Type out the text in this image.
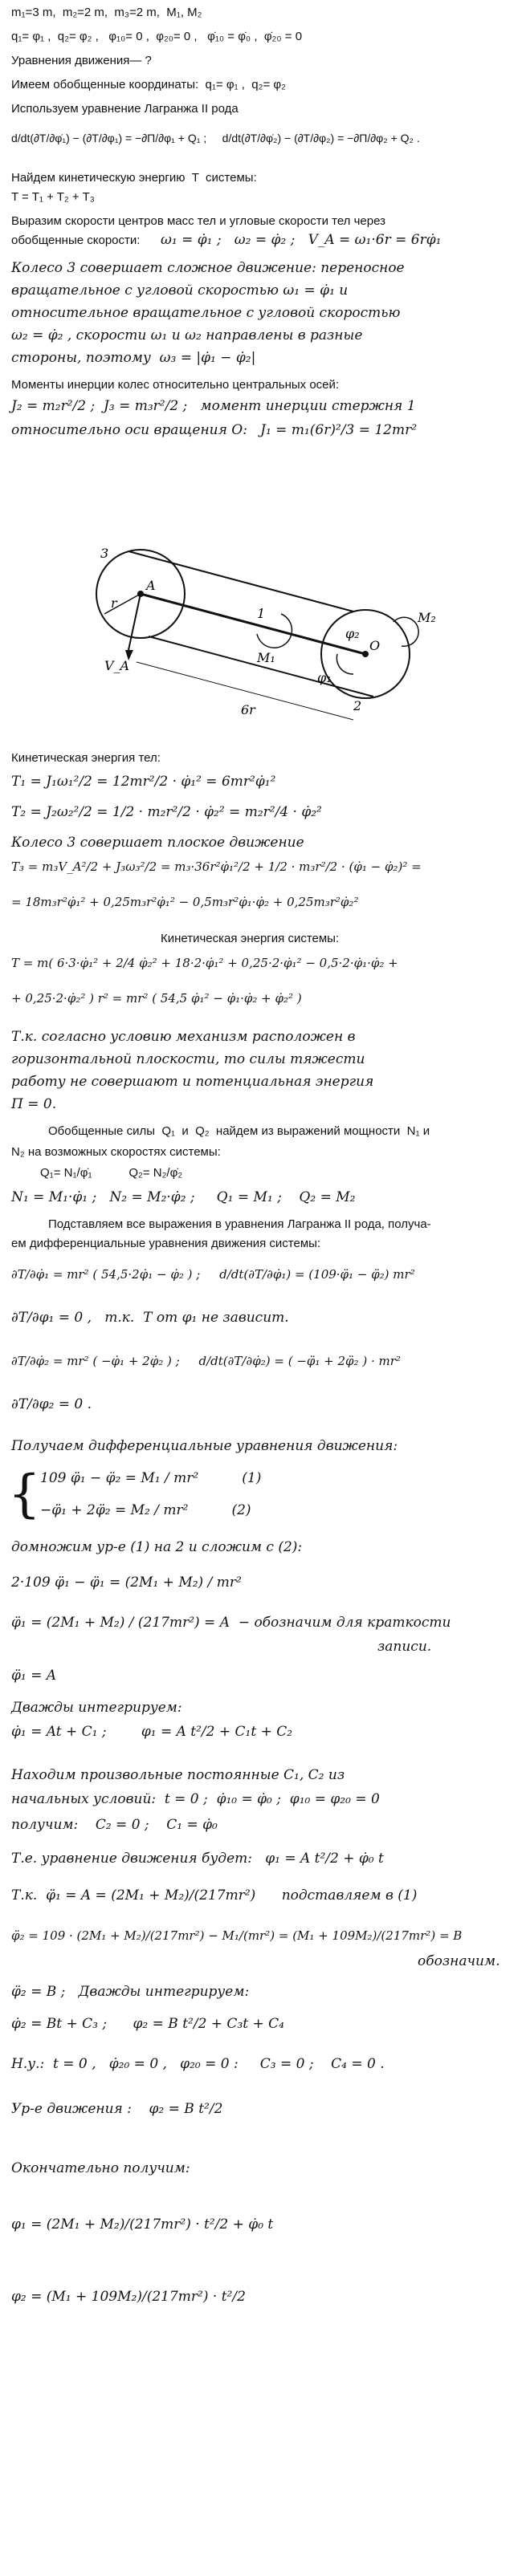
m₁=3 m,  m₂=2 m,  m₃=2 m,  M₁, M₂
q₁= φ₁ ,  q₂= φ₂ ,   φ₁₀= 0 ,  φ₂₀= 0 ,   φ̇₁₀ = φ̇₀ ,  φ̇₂₀ = 0
Уравнения движения— ?
Имеем обобщенные координаты:  q₁= φ₁ ,  q₂= φ₂
Используем уравнение Лагранжа II рода
d/dt(∂T/∂φ̇₁) − (∂T/∂φ₁) = −∂Π/∂φ₁ + Q₁ ;     d/dt(∂T/∂φ̇₂) − (∂T/∂φ₂) = −∂Π/∂φ₂ + Q₂ .
Найдем кинетическую энергию  T  системы:
T = T₁ + T₂ + T₃
Выразим скорости центров масс тел и угловые скорости тел через
обобщенные скорости:	ω₁ = φ̇₁ ;   ω₂ = φ̇₂ ;   V_A = ω₁·6r = 6rφ̇₁
Колесо 3 совершает сложное движение: переносное
вращательное с угловой скоростью ω₁ = φ̇₁ и
относительное вращательное с угловой скоростью
ω₂ = φ̇₂ , скорости ω₁ и ω₂ направлены в разные
стороны, поэтому  ω₃ = |φ̇₁ − φ̇₂|
Моменты инерции колес относительно центральных осей:
J₂ = m₂r²/2 ;  J₃ = m₃r²/2 ;   момент инерции стержня 1
относительно оси вращения O:   J₁ = m₁(6r)²/3 = 12mr²
3
A
r
1
V_A
6r
M₁
φ₁
O
φ₂
2
M₂
Кинетическая энергия тел:
T₁ = J₁ω₁²/2 = 12mr²/2 · φ̇₁² = 6mr²φ̇₁²
T₂ = J₂ω₂²/2 = 1/2 · m₂r²/2 · φ̇₂² = m₂r²/4 · φ̇₂²
Колесо 3 совершает плоское движение
T₃ = m₃V_A²/2 + J₃ω₃²/2 = m₃·36r²φ̇₁²/2 + 1/2 · m₃r²/2 · (φ̇₁ − φ̇₂)² =
= 18m₃r²φ̇₁² + 0,25m₃r²φ̇₁² − 0,5m₃r²φ̇₁·φ̇₂ + 0,25m₃r²φ̇₂²
Кинетическая энергия системы:
T = m( 6·3·φ̇₁² + 2/4 φ̇₂² + 18·2·φ̇₁² + 0,25·2·φ̇₁² − 0,5·2·φ̇₁·φ̇₂ +
+ 0,25·2·φ̇₂² ) r² = mr² ( 54,5 φ̇₁² − φ̇₁·φ̇₂ + φ̇₂² )
Т.к. согласно условию механизм расположен в
горизонтальной плоскости, то силы тяжести
работу не совершают и потенциальная энергия
Π = 0.
Обобщенные силы  Q₁  и  Q₂  найдем из выражений мощности  N₁ и
N₂ на возможных скоростях системы:
Q₁= N₁/φ̇₁           Q₂= N₂/φ̇₂
N₁ = M₁·φ̇₁ ;   N₂ = M₂·φ̇₂ ;     Q₁ = M₁ ;    Q₂ = M₂
Подставляем все выражения в уравнения Лагранжа II рода, получа-
ем дифференциальные уравнения движения системы:
∂T/∂φ̇₁ = mr² ( 54,5·2φ̇₁ − φ̇₂ ) ;     d/dt(∂T/∂φ̇₁) = (109·φ̈₁ − φ̈₂) mr²
∂T/∂φ₁ = 0 ,   т.к.  T от φ₁ не зависит.
∂T/∂φ̇₂ = mr² ( −φ̇₁ + 2φ̇₂ ) ;     d/dt(∂T/∂φ̇₂) = ( −φ̈₁ + 2φ̈₂ ) · mr²
∂T/∂φ₂ = 0 .
Получаем дифференциальные уравнения движения:
{ 109 φ̈₁ − φ̈₂ = M₁ / mr²          (1)
−φ̈₁ + 2φ̈₂ = M₂ / mr²          (2)
домножим ур-е (1) на 2 и сложим с (2):
2·109 φ̈₁ − φ̈₁ = (2M₁ + M₂) / mr²
φ̈₁ = (2M₁ + M₂) / (217mr²) = A  − обозначим для краткости
записи.
φ̈₁ = A
Дважды интегрируем:
φ̇₁ = At + C₁ ;        φ₁ = A t²/2 + C₁t + C₂
Находим произвольные постоянные C₁, C₂ из
начальных условий:  t = 0 ;  φ̇₁₀ = φ̇₀ ;  φ₁₀ = φ₂₀ = 0
получим:    C₂ = 0 ;    C₁ = φ̇₀
Т.е. уравнение движения будет:   φ₁ = A t²/2 + φ̇₀ t
Т.к.  φ̈₁ = A = (2M₁ + M₂)/(217mr²)      подставляем в (1)
φ̈₂ = 109 · (2M₁ + M₂)/(217mr²) − M₁/(mr²) = (M₁ + 109M₂)/(217mr²) = B
обозначим.
φ̈₂ = B ;   Дважды интегрируем:
φ̇₂ = Bt + C₃ ;      φ₂ = B t²/2 + C₃t + C₄
Н.у.:  t = 0 ,   φ̇₂₀ = 0 ,   φ₂₀ = 0 :     C₃ = 0 ;    C₄ = 0 .
Ур-е движения :    φ₂ = B t²/2
Окончательно получим:
φ₁ = (2M₁ + M₂)/(217mr²) · t²/2 + φ̇₀ t
φ₂ = (M₁ + 109M₂)/(217mr²) · t²/2
